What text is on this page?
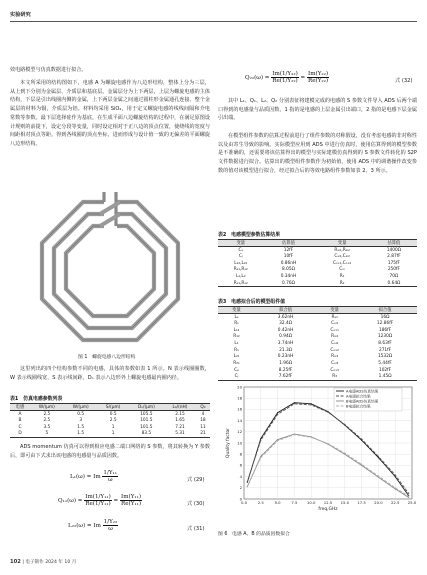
实验研究
效电路模型与仿真数据进行拟合。
本文所采用的结构图如下，电感 A 为螺旋电感作为八边形结构，整体上分为三层，从上到下分别为金属层、介质层和基底层。金属层分为上下两层，上层为螺旋电感的主体结构，下层是引出线圈内侧的金属，上下两层金属之间通过圆柱形金属通孔连接。整个金属层的材料为铜，介质层为铝。材料均采用 SiO₂，用于定义螺旋电感的线线间隔和介电常数等参数。最下层选择硅作为基底。在生成平面八边螺旋结构的过程中，在满足原图设计规则的前提下，设定分段等变量，同时设定相对于正八边的顶点位置，使绕线的宽度与间距相对顶点等距。得到各线圈的顶点坐标，进而形成与设计值一致的无偏差的平面螺旋八边形结构。
图 1　螺旋电感八边形结构
这里列出的四个结构参数不同的电感，具体的参数如表 1 所示。N 表示线圈圈数，W 表示线圈线宽，S 表示线间距，Dₒ 表示八边形外上螺旋电感最内圈内径。
表1　仿真电感参数列表
电感	W/(μm)	W/(μm)	S/(μm)	Dₒ/(μm)	L₀/(nH)	Q₀
A	2.5	0.5	0.5	105.5	2.15	4
B	2.5	3	2.5	101.5	1.65	18
C	3.5	1.5	1	101.5	7.21	11
D	5	1.5	1	83.5	5.31	21
ADS momentum 仿真可以得到相应电感二端口网络的 S 参数，将其转换为 Y 参数后，即可由下式求出该电感的电感量与品质因数。
L₁(ω) = Im $\frac{\text{1/Y₁₁}}{\omega}$	式 (29)
$Q_{11}(\omega) = \frac{\text{Im(1/Y₁₁)}}{\text{Re(1/Y₁₁)}} = \frac{\text{Im(Y₁₁)}}{\text{Re(Y₁₁)}}$	式 (30)
L₂₂(ω) = Im $\frac{\text{1/Y₂₂}}{\omega}$	式 (31)
102 | 电子制作 2024 年 10 月
$Q_{22}(\omega) = \frac{\text{Im(1/Y₂₂)}}{\text{Re(1/Y₂₂)}} = \frac{\text{Im(Y₂₂)}}{\text{Re(Y₂₂)}}$	式 (32)
其中 L₁、Q₁、L₂、Q₂ 分别表征将建模完成的电感的 S 参数文件导入 ADS 后两个端口得到的电感量与品质因数，1 指的是电感的上层金属引出端口，2 指的是电感下层金属引出端。
在模型组件参数的估算过程前进行了组件参数的对称假设，没有考虑电感的非对称性以及由寄生导致的影响。实际模型应用到 ADS 中进行仿真时，使用估算得到的模型参数是不准确的，还需要将该估算得出的模型与实际建模仿真得到的 S 参数文件转化的 S2P 文件数据进行拟合。估算出的模型组件参数作为初始值，使用 ADS 中的调谐操作改变参数的值对该模型进行拟合，经过拟合后的等效电路组件参数如表 2、3 所示。
表2　电感模型参数估算结果
变量	估算值	变量	估算值
Cₛ	12fF	Rₛᵢ₁,Rₛᵢ₂	1400Ω
Cⱼ	10fF	Cₛᵢ₁,Cₛᵢ₂	2.87fF
L₁₂,L₂₁	0.86nH	Cₒₓ₁,Cₒₓ₂	175fF
Rₛ₁,Rₛ₂	8.05Ω	Cₘ	250fF
L₁,L₂	0.34nH	R₁	70Ω
Rₛ₁,Rₛ₂	0.76Ω	R₂	0.64Ω
表3　电感拟合后的模型组件值
变量	拟合值	变量	拟合值
Lₛ	3.62nH	Rₛ₁	16Ω
Rₛ	32.4Ω	Cₛᵢ₁	12.86fF
L₁₂	0.42nH	Cₒₓ₁	186fF
R₁₂	0.94Ω	Rₛᵢ₂	1230Ω
L₁	3.74nH	Cₛᵢ₂	8.63fF
R₁	21.3Ω	Cₒₓ₂	271fF
L₂₁	0.23nH	Rₛᵢ₃	1532Ω
R₂₁	1.96Ω	Cₛᵢ₃	5.44fF
Cₚ	8.25fF	Cₒₓ₃	102fF
Cⱼ	7.62fF	R₃	1.45Ω
0
2
4
6
8
10
12
14
16
18
20
0.0	2.5	5.0	7.5	10.0 12.5 15.0 17.5 20.0 22.5 25.0
freq,GHz
Quality factor
A电感ADS仿真结果
A电感拟合结果
B电感ADS仿真结果
B电感拟合结果
图 6　电感 A、B 的品质因数拟合
